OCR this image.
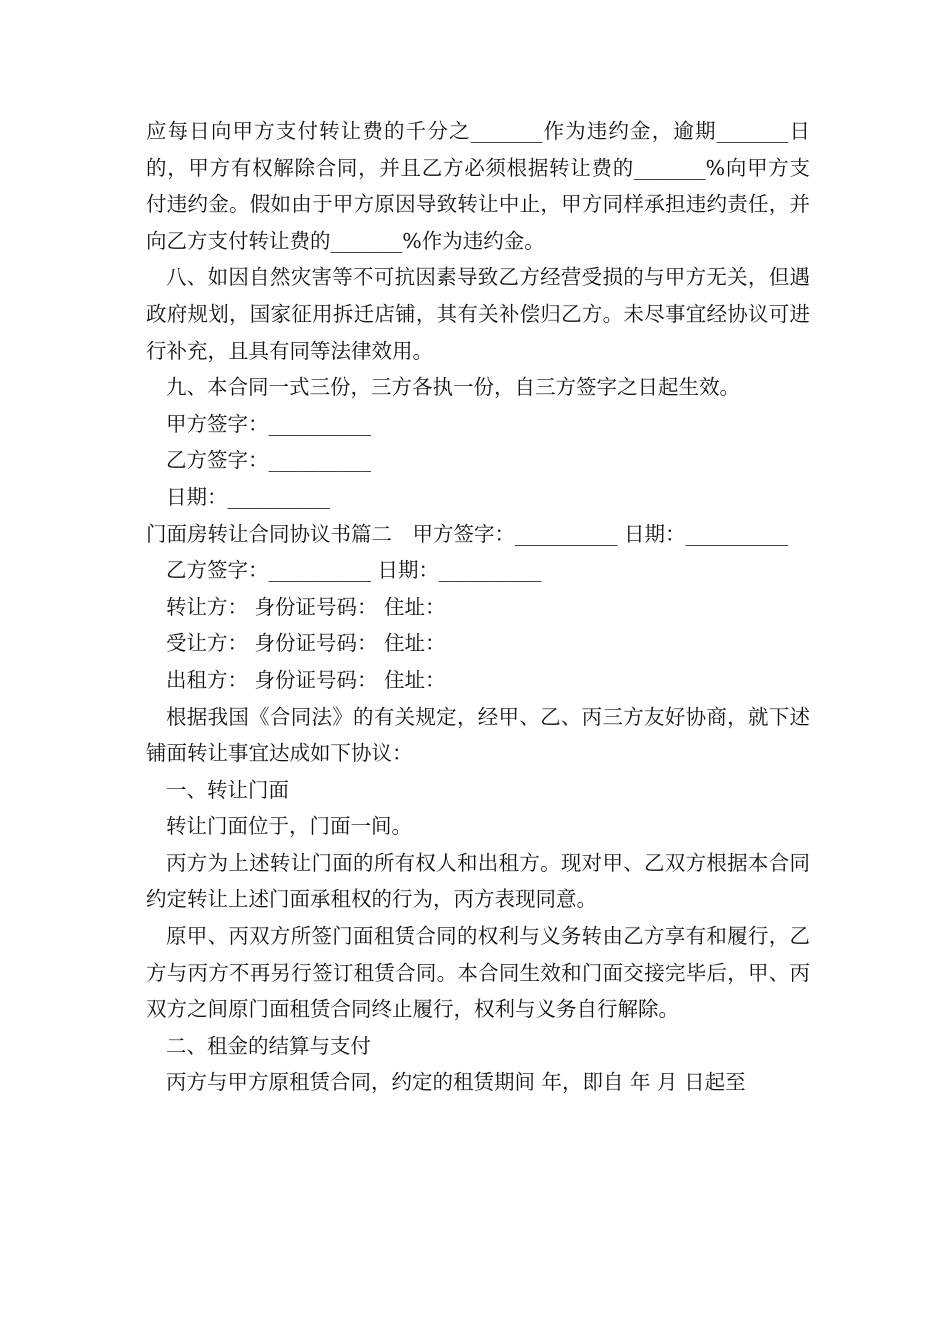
应每日向甲方支付转让费的千分之_______作为违约金，逾期_______日的，甲方有权解除合同，并且乙方必须根据转让费的_______%向甲方支付违约金。假如由于甲方原因导致转让中止，甲方同样承担违约责任，并向乙方支付转让费的_______%作为违约金。

八、如因自然灾害等不可抗因素导致乙方经营受损的与甲方无关，但遇政府规划，国家征用拆迁店铺，其有关补偿归乙方。未尽事宜经协议可进行补充，且具有同等法律效用。

九、本合同一式三份，三方各执一份，自三方签字之日起生效。

甲方签字：__________

乙方签字：__________

日期：__________

门面房转让合同协议书篇二　甲方签字：__________ 日期：__________

乙方签字：__________ 日期：__________

转让方： 身份证号码： 住址：

受让方： 身份证号码： 住址：

出租方： 身份证号码： 住址：

根据我国《合同法》的有关规定，经甲、乙、丙三方友好协商，就下述铺面转让事宜达成如下协议：

一、转让门面

转让门面位于，门面一间。

丙方为上述转让门面的所有权人和出租方。现对甲、乙双方根据本合同约定转让上述门面承租权的行为，丙方表现同意。

原甲、丙双方所签门面租赁合同的权利与义务转由乙方享有和履行，乙方与丙方不再另行签订租赁合同。本合同生效和门面交接完毕后，甲、丙双方之间原门面租赁合同终止履行，权利与义务自行解除。

二、租金的结算与支付

丙方与甲方原租赁合同，约定的租赁期间 年，即自 年 月 日起至
